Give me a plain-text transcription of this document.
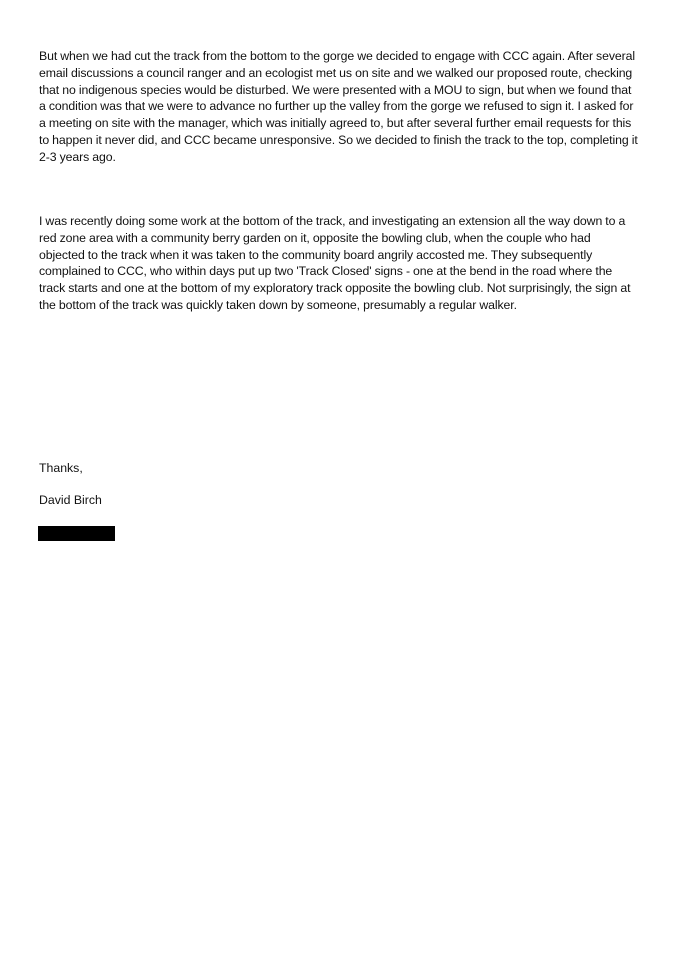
But when we had cut the track from the bottom to the gorge we decided to engage with CCC again. After several email discussions a council ranger and an ecologist met us on site and we walked our proposed route, checking that no indigenous species would be disturbed. We were presented with a MOU to sign, but when we found that a condition was that we were to advance no further up the valley from the gorge we refused to sign it. I asked for a meeting on site with the manager, which was initially agreed to, but after several further email requests for this to happen it never did, and CCC became unresponsive. So we decided to finish the track to the top, completing it 2-3 years ago.

I was recently doing some work at the bottom of the track, and investigating an extension all the way down to a red zone area with a community berry garden on it, opposite the bowling club, when the couple who had objected to the track when it was taken to the community board angrily accosted me. They subsequently complained to CCC, who within days put up two 'Track Closed' signs - one at the bend in the road where the track starts and one at the bottom of my exploratory track opposite the bowling club. Not surprisingly, the sign at the bottom of the track was quickly taken down by someone, presumably a regular walker.

Thanks,

David Birch
